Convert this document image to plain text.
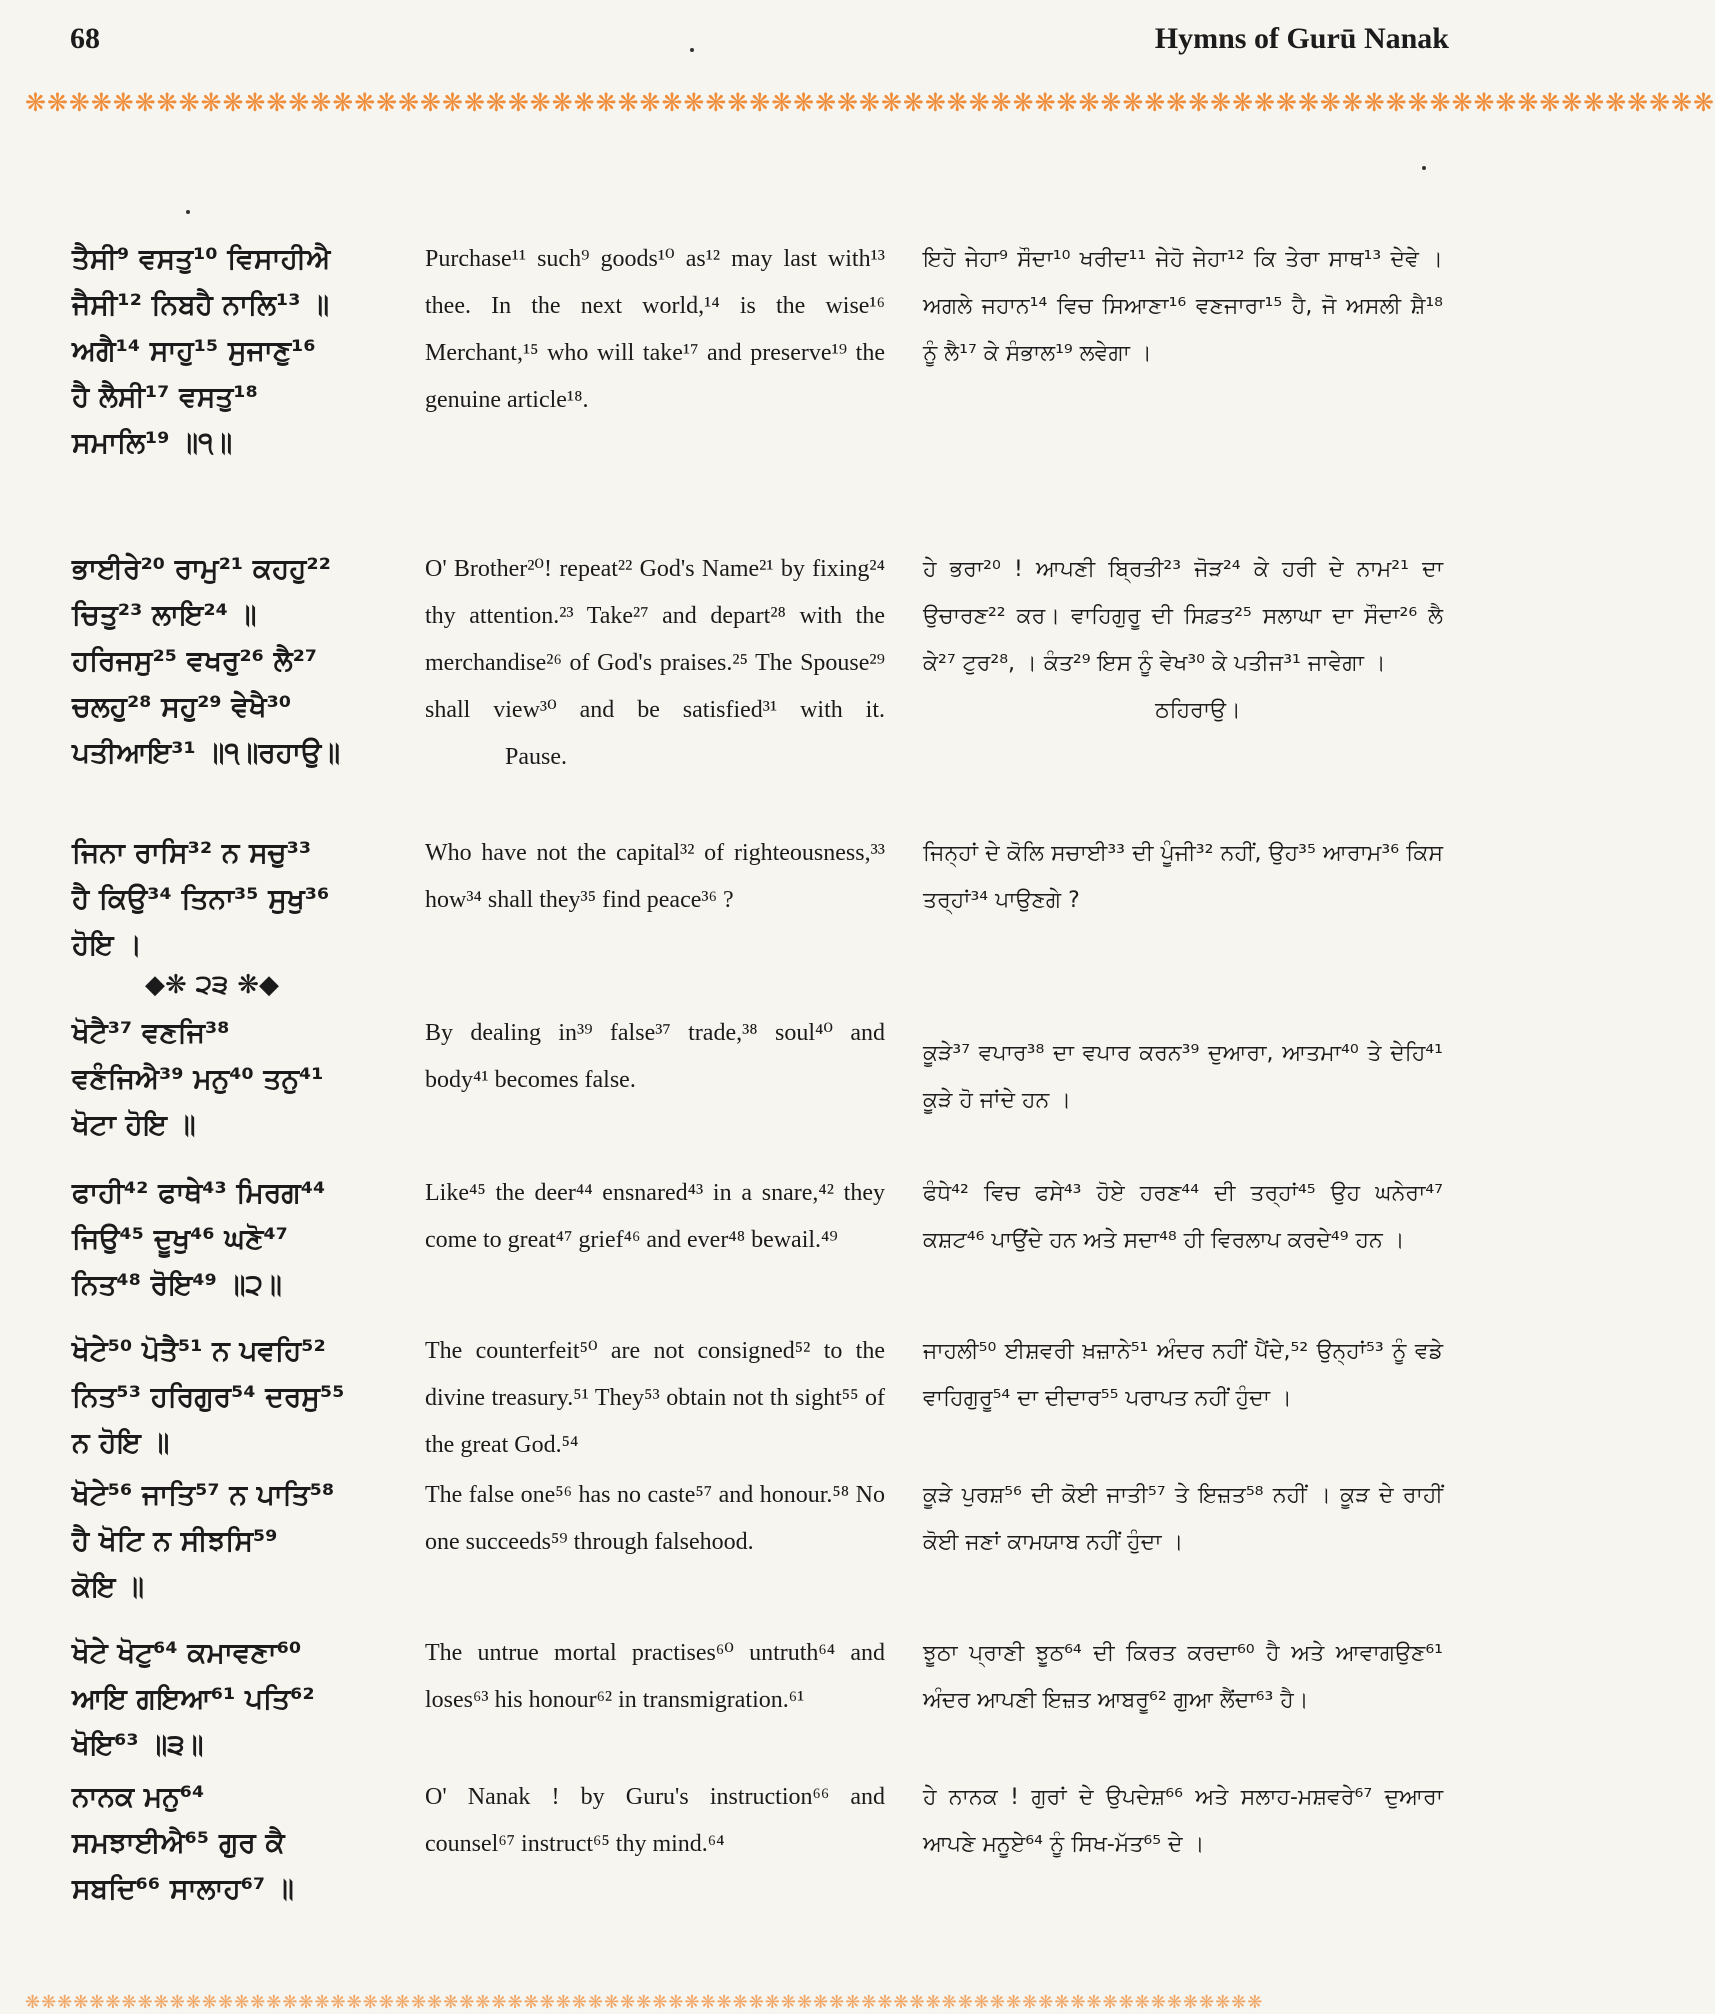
68	Hymns of Gurū Nanak
❋❋❋❋❋❋❋❋❋❋❋❋❋❋❋❋❋❋❋❋❋❋❋❋❋❋❋❋❋❋❋❋❋❋❋❋❋❋❋❋❋❋❋❋❋❋❋❋❋❋❋❋❋❋❋❋❋❋❋❋❋❋❋❋❋❋❋❋❋❋❋❋❋❋❋❋❋
ਤੈਸੀ⁹ ਵਸਤੁ¹⁰ ਵਿਸਾਹੀਐ
ਜੈਸੀ¹² ਨਿਬਹੈ ਨਾਲਿ¹³ ॥
ਅਗੈ¹⁴ ਸਾਹੁ¹⁵ ਸੁਜਾਣੁ¹⁶
ਹੈ ਲੈਸੀ¹⁷ ਵਸਤੁ¹⁸
ਸਮਾਲਿ¹⁹ ॥੧॥
Purchase¹¹ such⁹ goods¹⁰ as¹² may last with¹³ thee. In the next world,¹⁴ is the wise¹⁶ Merchant,¹⁵ who will take¹⁷ and preserve¹⁹ the genuine article¹⁸.
ਇਹੋ ਜੇਹਾ⁹ ਸੌਦਾ¹⁰ ਖਰੀਦ¹¹ ਜੇਹੋ ਜੇਹਾ¹² ਕਿ ਤੇਰਾ ਸਾਥ¹³ ਦੇਵੇ । ਅਗਲੇ ਜਹਾਨ¹⁴ ਵਿਚ ਸਿਆਣਾ¹⁶ ਵਣਜਾਰਾ¹⁵ ਹੈ, ਜੋ ਅਸਲੀ ਸ਼ੈ¹⁸ ਨੂੰ ਲੈ¹⁷ ਕੇ ਸੰਭਾਲ¹⁹ ਲਵੇਗਾ ।
ਭਾਈਰੇ²⁰ ਰਾਮੁ²¹ ਕਹਹੁ²²
ਚਿਤੁ²³ ਲਾਇ²⁴ ॥
ਹਰਿਜਸੁ²⁵ ਵਖਰੁ²⁶ ਲੈ²⁷
ਚਲਹੁ²⁸ ਸਹੁ²⁹ ਵੇਖੈ³⁰
ਪਤੀਆਇ³¹ ॥੧॥ਰਹਾਉ॥
O' Brother²⁰! repeat²² God's Name²¹ by fixing²⁴ thy attention.²³ Take²⁷ and depart²⁸ with the merchandise²⁶ of God's praises.²⁵ The Spouse²⁹ shall view³⁰ and be satisfied³¹ with it. Pause.
ਹੇ ਭਰਾ²⁰ ! ਆਪਣੀ ਬ੍ਰਿਤੀ²³ ਜੋੜ²⁴ ਕੇ ਹਰੀ ਦੇ ਨਾਮ²¹ ਦਾ ਉਚਾਰਣ²² ਕਰ। ਵਾਹਿਗੁਰੂ ਦੀ ਸਿਫ਼ਤ²⁵ ਸਲਾਘਾ ਦਾ ਸੌਦਾ²⁶ ਲੈ ਕੇ²⁷ ਟੁਰ²⁸, । ਕੰਤ²⁹ ਇਸ ਨੂੰ ਵੇਖ³⁰ ਕੇ ਪਤੀਜ³¹ ਜਾਵੇਗਾ ।
ਠਹਿਰਾਉ।
ਜਿਨਾ ਰਾਸਿ³² ਨ ਸਚੁ³³
ਹੈ ਕਿਉ³⁴ ਤਿਨਾ³⁵ ਸੁਖੁ³⁶
ਹੋਇ ।
Who have not the capital³² of righteousness,³³ how³⁴ shall they³⁵ find peace³⁶ ?
ਜਿਨ੍ਹਾਂ ਦੇ ਕੋਲਿ ਸਚਾਈ³³ ਦੀ ਪੂੰਜੀ³² ਨਹੀਂ, ਉਹ³⁵ ਆਰਾਮ³⁶ ਕਿਸ ਤਰ੍ਹਾਂ³⁴ ਪਾਉਣਗੇ ?
◆❋ ੨੩ ❋◆
ਖੋਟੈ³⁷ ਵਣਜਿ³⁸
ਵਣੰਜਿਐ³⁹ ਮਨੁ⁴⁰ ਤਨੁ⁴¹
ਖੋਟਾ ਹੋਇ ॥
By dealing in³⁹ false³⁷ trade,³⁸ soul⁴⁰ and body⁴¹ becomes false.
ਕੂੜੇ³⁷ ਵਪਾਰ³⁸ ਦਾ ਵਪਾਰ ਕਰਨ³⁹ ਦੁਆਰਾ, ਆਤਮਾ⁴⁰ ਤੇ ਦੇਹਿ⁴¹ ਕੂੜੇ ਹੋ ਜਾਂਦੇ ਹਨ ।
ਫਾਹੀ⁴² ਫਾਥੇ⁴³ ਮਿਰਗ⁴⁴
ਜਿਉ⁴⁵ ਦੂਖੁ⁴⁶ ਘਣੋ⁴⁷
ਨਿਤ⁴⁸ ਰੋਇ⁴⁹ ॥੨॥
Like⁴⁵ the deer⁴⁴ ensnared⁴³ in a snare,⁴² they come to great⁴⁷ grief⁴⁶ and ever⁴⁸ bewail.⁴⁹
ਫੰਧੇ⁴² ਵਿਚ ਫਸੇ⁴³ ਹੋਏ ਹਰਣ⁴⁴ ਦੀ ਤਰ੍ਹਾਂ⁴⁵ ਉਹ ਘਨੇਰਾ⁴⁷ ਕਸ਼ਟ⁴⁶ ਪਾਉਂਦੇ ਹਨ ਅਤੇ ਸਦਾ⁴⁸ ਹੀ ਵਿਰਲਾਪ ਕਰਦੇ⁴⁹ ਹਨ ।
ਖੋਟੇ⁵⁰ ਪੋਤੈ⁵¹ ਨ ਪਵਹਿ⁵²
ਨਿਤ⁵³ ਹਰਿਗੁਰ⁵⁴ ਦਰਸੁ⁵⁵
ਨ ਹੋਇ ॥
The counterfeit⁵⁰ are not consigned⁵² to the divine treasury.⁵¹ They⁵³ obtain not th sight⁵⁵ of the great God.⁵⁴
ਜਾਹਲੀ⁵⁰ ਈਸ਼ਵਰੀ ਖ਼ਜ਼ਾਨੇ⁵¹ ਅੰਦਰ ਨਹੀਂ ਪੈਂਦੇ,⁵² ਉਨ੍ਹਾਂ⁵³ ਨੂੰ ਵਡੇ ਵਾਹਿਗੁਰੂ⁵⁴ ਦਾ ਦੀਦਾਰ⁵⁵ ਪਰਾਪਤ ਨਹੀਂ ਹੁੰਦਾ ।
ਖੋਟੇ⁵⁶ ਜਾਤਿ⁵⁷ ਨ ਪਾਤਿ⁵⁸
ਹੈ ਖੋਟਿ ਨ ਸੀਝਸਿ⁵⁹
ਕੋਇ ॥
The false one⁵⁶ has no caste⁵⁷ and honour.⁵⁸ No one succeeds⁵⁹ through falsehood.
ਕੂੜੇ ਪੁਰਸ਼⁵⁶ ਦੀ ਕੋਈ ਜਾਤੀ⁵⁷ ਤੇ ਇਜ਼ਤ⁵⁸ ਨਹੀਂ । ਕੂੜ ਦੇ ਰਾਹੀਂ ਕੋਈ ਜਣਾਂ ਕਾਮਯਾਬ ਨਹੀਂ ਹੁੰਦਾ ।
ਖੋਟੇ ਖੋਟੁ⁶⁴ ਕਮਾਵਣਾ⁶⁰
ਆਇ ਗਇਆ⁶¹ ਪਤਿ⁶²
ਖੋਇ⁶³ ॥੩॥
The untrue mortal practises⁶⁰ untruth⁶⁴ and loses⁶³ his honour⁶² in transmigration.⁶¹
ਝੂਠਾ ਪ੍ਰਾਣੀ ਝੂਠ⁶⁴ ਦੀ ਕਿਰਤ ਕਰਦਾ⁶⁰ ਹੈ ਅਤੇ ਆਵਾਗਉਣ⁶¹ ਅੰਦਰ ਆਪਣੀ ਇਜ਼ਤ ਆਬਰੂ⁶² ਗੁਆ ਲੈਂਦਾ⁶³ ਹੈ।
ਨਾਨਕ ਮਨੁ⁶⁴
ਸਮਝਾਈਐ⁶⁵ ਗੁਰ ਕੈ
ਸਬਦਿ⁶⁶ ਸਾਲਾਹ⁶⁷ ॥
O' Nanak ! by Guru's instruction⁶⁶ and counsel⁶⁷ instruct⁶⁵ thy mind.⁶⁴
ਹੇ ਨਾਨਕ ! ਗੁਰਾਂ ਦੇ ਉਪਦੇਸ਼⁶⁶ ਅਤੇ ਸਲਾਹ-ਮਸ਼ਵਰੇ⁶⁷ ਦੁਆਰਾ ਆਪਣੇ ਮਨੂਏ⁶⁴ ਨੂੰ ਸਿਖ-ਮੱਤ⁶⁵ ਦੇ ।
❋❋❋❋❋❋❋❋❋❋❋❋❋❋❋❋❋❋❋❋❋❋❋❋❋❋❋❋❋❋❋❋❋❋❋❋❋❋❋❋❋❋❋❋❋❋❋❋❋❋❋❋❋❋❋❋❋❋❋❋❋❋❋❋❋❋❋❋❋❋❋❋❋❋❋❋❋
